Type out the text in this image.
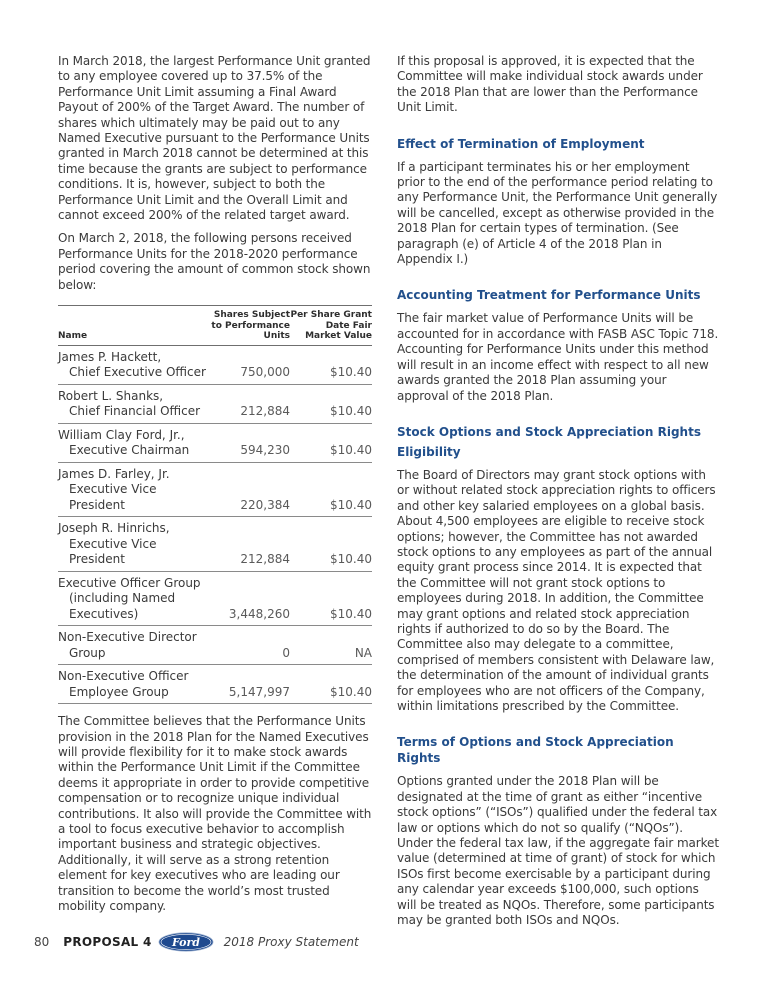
In March 2018, the largest Performance Unit granted to any employee covered up to 37.5% of the Performance Unit Limit assuming a Final Award Payout of 200% of the Target Award. The number of shares which ultimately may be paid out to any Named Executive pursuant to the Performance Units granted in March 2018 cannot be determined at this time because the grants are subject to performance conditions. It is, however, subject to both the Performance Unit Limit and the Overall Limit and cannot exceed 200% of the related target award.

On March 2, 2018, the following persons received Performance Units for the 2018-2020 performance period covering the amount of common stock shown below:

Name	Shares Subject to Performance Units	Per Share Grant Date Fair Market Value

James P. Hackett,
Chief Executive Officer	750,000	$10.40

Robert L. Shanks,
Chief Financial Officer	212,884	$10.40

William Clay Ford, Jr.,
Executive Chairman	594,230	$10.40

James D. Farley, Jr.
Executive Vice
President	220,384	$10.40

Joseph R. Hinrichs,
Executive Vice
President	212,884	$10.40

Executive Officer Group
(including Named
Executives)	3,448,260	$10.40

Non-Executive Director
Group	0	NA

Non-Executive Officer
Employee Group	5,147,997	$10.40

The Committee believes that the Performance Units provision in the 2018 Plan for the Named Executives will provide flexibility for it to make stock awards within the Performance Unit Limit if the Committee deems it appropriate in order to provide competitive compensation or to recognize unique individual contributions. It also will provide the Committee with a tool to focus executive behavior to accomplish important business and strategic objectives. Additionally, it will serve as a strong retention element for key executives who are leading our transition to become the world’s most trusted mobility company.

If this proposal is approved, it is expected that the Committee will make individual stock awards under the 2018 Plan that are lower than the Performance Unit Limit.

Effect of Termination of Employment

If a participant terminates his or her employment prior to the end of the performance period relating to any Performance Unit, the Performance Unit generally will be cancelled, except as otherwise provided in the 2018 Plan for certain types of termination. (See paragraph (e) of Article 4 of the 2018 Plan in Appendix I.)

Accounting Treatment for Performance Units

The fair market value of Performance Units will be accounted for in accordance with FASB ASC Topic 718. Accounting for Performance Units under this method will result in an income effect with respect to all new awards granted the 2018 Plan assuming your approval of the 2018 Plan.

Stock Options and Stock Appreciation Rights
Eligibility

The Board of Directors may grant stock options with or without related stock appreciation rights to officers and other key salaried employees on a global basis. About 4,500 employees are eligible to receive stock options; however, the Committee has not awarded stock options to any employees as part of the annual equity grant process since 2014. It is expected that the Committee will not grant stock options to employees during 2018. In addition, the Committee may grant options and related stock appreciation rights if authorized to do so by the Board. The Committee also may delegate to a committee, comprised of members consistent with Delaware law, the determination of the amount of individual grants for employees who are not officers of the Company, within limitations prescribed by the Committee.

Terms of Options and Stock Appreciation Rights

Options granted under the 2018 Plan will be designated at the time of grant as either “incentive stock options” (“ISOs”) qualified under the federal tax law or options which do not so qualify (“NQOs”). Under the federal tax law, if the aggregate fair market value (determined at time of grant) of stock for which ISOs first become exercisable by a participant during any calendar year exceeds $100,000, such options will be treated as NQOs. Therefore, some participants may be granted both ISOs and NQOs.

80 PROPOSAL 4 Ford 2018 Proxy Statement
